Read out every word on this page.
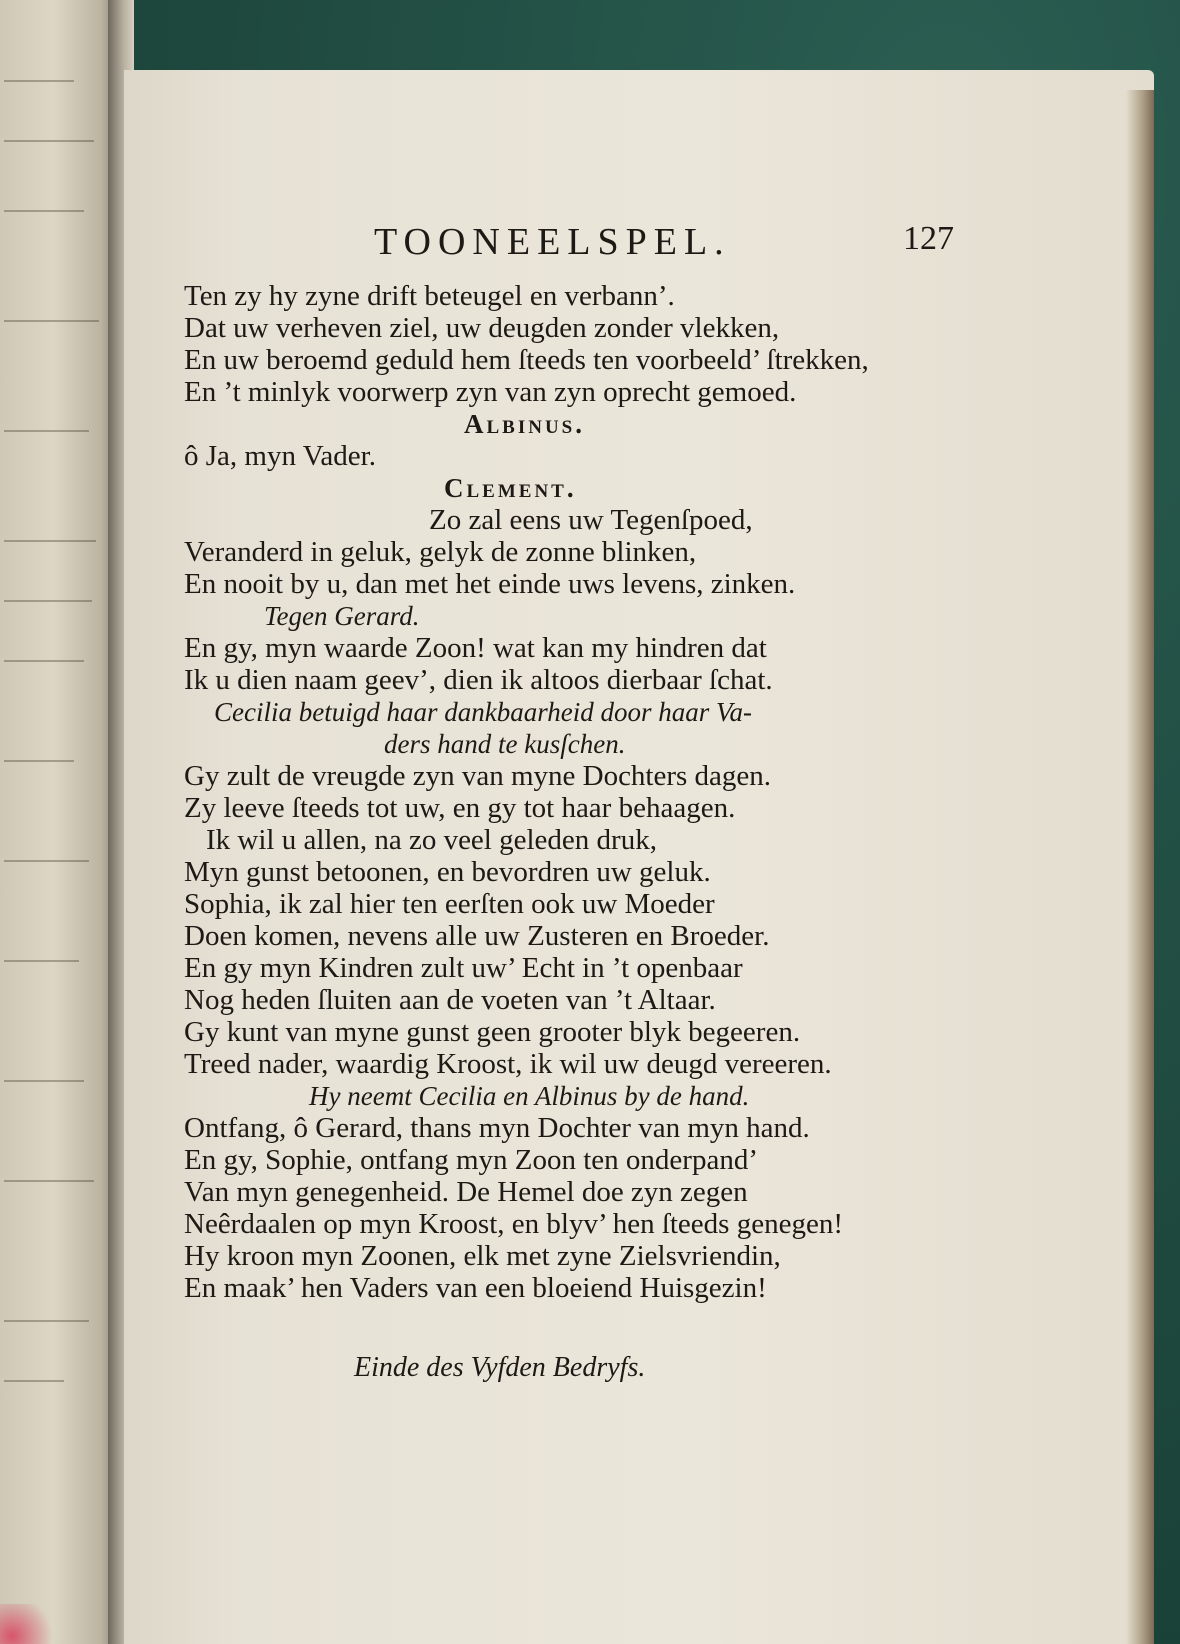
TOONEELSPEL.	127
Ten zy hy zyne drift beteugel en verbann’.
Dat uw verheven ziel, uw deugden zonder vlekken,
En uw beroemd geduld hem ſteeds ten voorbeeld’ ſtrekken,
En ’t minlyk voorwerp zyn van zyn oprecht gemoed.
Albinus.
ô Ja, myn Vader.
Clement.
Zo zal eens uw Tegenſpoed,
Veranderd in geluk, gelyk de zonne blinken,
En nooit by u, dan met het einde uws levens, zinken.
Tegen Gerard.
En gy, myn waarde Zoon! wat kan my hindren dat
Ik u dien naam geev’, dien ik altoos dierbaar ſchat.
Cecilia betuigd haar dankbaarheid door haar Va-
ders hand te kusſchen.
Gy zult de vreugde zyn van myne Dochters dagen.
Zy leeve ſteeds tot uw, en gy tot haar behaagen.
Ik wil u allen, na zo veel geleden druk,
Myn gunst betoonen, en bevordren uw geluk.
Sophia, ik zal hier ten eerſten ook uw Moeder
Doen komen, nevens alle uw Zusteren en Broeder.
En gy myn Kindren zult uw’ Echt in ’t openbaar
Nog heden ſluiten aan de voeten van ’t Altaar.
Gy kunt van myne gunst geen grooter blyk begeeren.
Treed nader, waardig Kroost, ik wil uw deugd vereeren.
Hy neemt Cecilia en Albinus by de hand.
Ontfang, ô Gerard, thans myn Dochter van myn hand.
En gy, Sophie, ontfang myn Zoon ten onderpand’
Van myn genegenheid. De Hemel doe zyn zegen
Neêrdaalen op myn Kroost, en blyv’ hen ſteeds genegen!
Hy kroon myn Zoonen, elk met zyne Zielsvriendin,
En maak’ hen Vaders van een bloeiend Huisgezin!
Einde des Vyfden Bedryfs.
